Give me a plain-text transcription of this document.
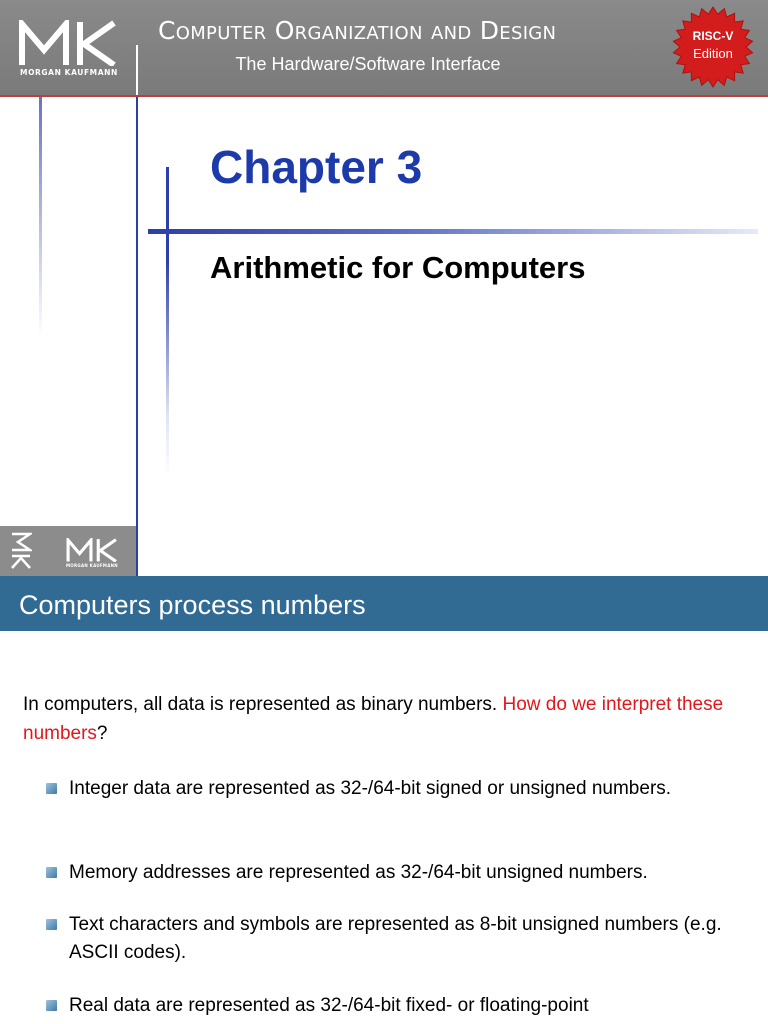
MORGAN KAUFMANN
Computer Organization and Design
The Hardware/Software Interface
RISC-V
Edition
Chapter 3
Arithmetic for Computers
MORGAN KAUFMANN
Computers process numbers
In computers, all data is represented as binary numbers. How do we interpret these numbers?
Integer data are represented as 32-/64-bit signed or unsigned numbers.
Memory addresses are represented as 32-/64-bit unsigned numbers.
Text characters and symbols are represented as 8-bit unsigned numbers (e.g. ASCII codes).
Real data are represented as 32-/64-bit fixed- or floating-point
